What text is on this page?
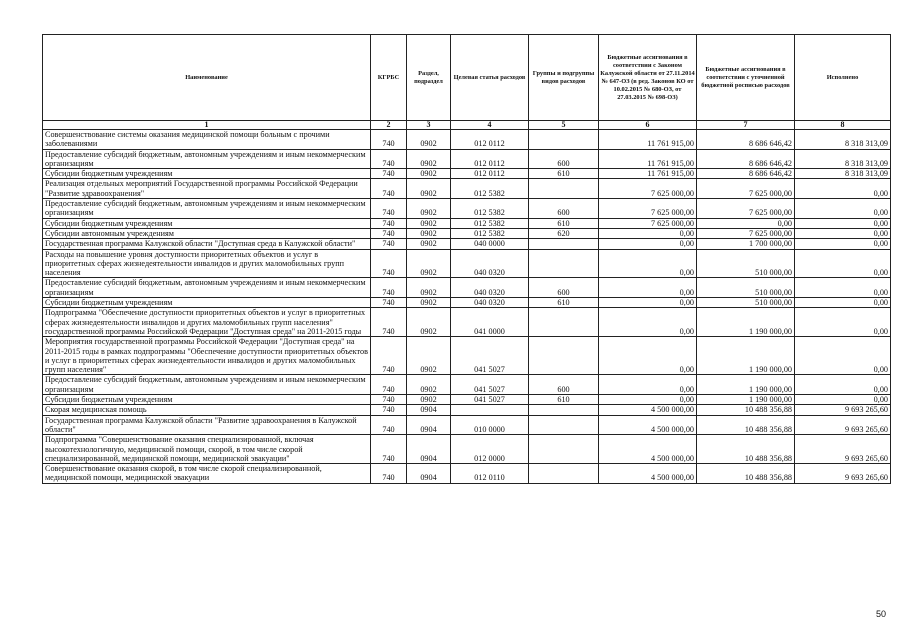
Наименование	КГРБС	Раздел, подраздел	Целевая статья расходов	Группы и подгруппы видов расходов	Бюджетные ассигнования в соответствии с Законом Калужской области от 27.11.2014 № 647-ОЗ (в ред. Законов КО от 10.02.2015 № 680-ОЗ, от 27.03.2015 № 698-ОЗ)	Бюджетные ассигнования в соответствии с уточненной бюджетной росписью расходов	Исполнено
1	2	3	4	5	6	7	8
Совершенствование системы оказания медицинской помощи больным с прочими заболеваниями	740	0902	012 0112		11 761 915,00	8 686 646,42	8 318 313,09
Предоставление субсидий бюджетным, автономным учреждениям и иным некоммерческим организациям	740	0902	012 0112	600	11 761 915,00	8 686 646,42	8 318 313,09
Субсидии бюджетным учреждениям	740	0902	012 0112	610	11 761 915,00	8 686 646,42	8 318 313,09
Реализация отдельных мероприятий Государственной программы Российской Федерации "Развитие здравоохранения"	740	0902	012 5382		7 625 000,00	7 625 000,00	0,00
Предоставление субсидий бюджетным, автономным учреждениям и иным некоммерческим организациям	740	0902	012 5382	600	7 625 000,00	7 625 000,00	0,00
Субсидии бюджетным учреждениям	740	0902	012 5382	610	7 625 000,00	0,00	0,00
Субсидии автономным учреждениям	740	0902	012 5382	620	0,00	7 625 000,00	0,00
Государственная программа Калужской области "Доступная среда в Калужской области"	740	0902	040 0000		0,00	1 700 000,00	0,00
Расходы на повышение уровня доступности приоритетных объектов и услуг в приоритетных сферах жизнедеятельности инвалидов и других маломобильных групп населения	740	0902	040 0320		0,00	510 000,00	0,00
Предоставление субсидий бюджетным, автономным учреждениям и иным некоммерческим организациям	740	0902	040 0320	600	0,00	510 000,00	0,00
Субсидии бюджетным учреждениям	740	0902	040 0320	610	0,00	510 000,00	0,00
Подпрограмма "Обеспечение доступности приоритетных объектов и услуг в приоритетных сферах жизнедеятельности инвалидов и других маломобильных групп населения" государственной программы Российской Федерации "Доступная среда" на 2011-2015 годы	740	0902	041 0000		0,00	1 190 000,00	0,00
Мероприятия государственной программы Российской Федерации "Доступная среда" на 2011-2015 годы в рамках подпрограммы "Обеспечение доступности приоритетных объектов и услуг в приоритетных сферах жизнедеятельности инвалидов и других маломобильных групп населения"	740	0902	041 5027		0,00	1 190 000,00	0,00
Предоставление субсидий бюджетным, автономным учреждениям и иным некоммерческим организациям	740	0902	041 5027	600	0,00	1 190 000,00	0,00
Субсидии бюджетным учреждениям	740	0902	041 5027	610	0,00	1 190 000,00	0,00
Скорая медицинская помощь	740	0904			4 500 000,00	10 488 356,88	9 693 265,60
Государственная программа Калужской области "Развитие здравоохранения в Калужской области"	740	0904	010 0000		4 500 000,00	10 488 356,88	9 693 265,60
Подпрограмма "Совершенствование оказания специализированной, включая высокотехнологичную, медицинской помощи, скорой, в том числе скорой специализированной, медицинской помощи, медицинской эвакуации"	740	0904	012 0000		4 500 000,00	10 488 356,88	9 693 265,60
Совершенствование оказания скорой, в том числе скорой специализированной, медицинской помощи, медицинской эвакуации	740	0904	012 0110		4 500 000,00	10 488 356,88	9 693 265,60
50
